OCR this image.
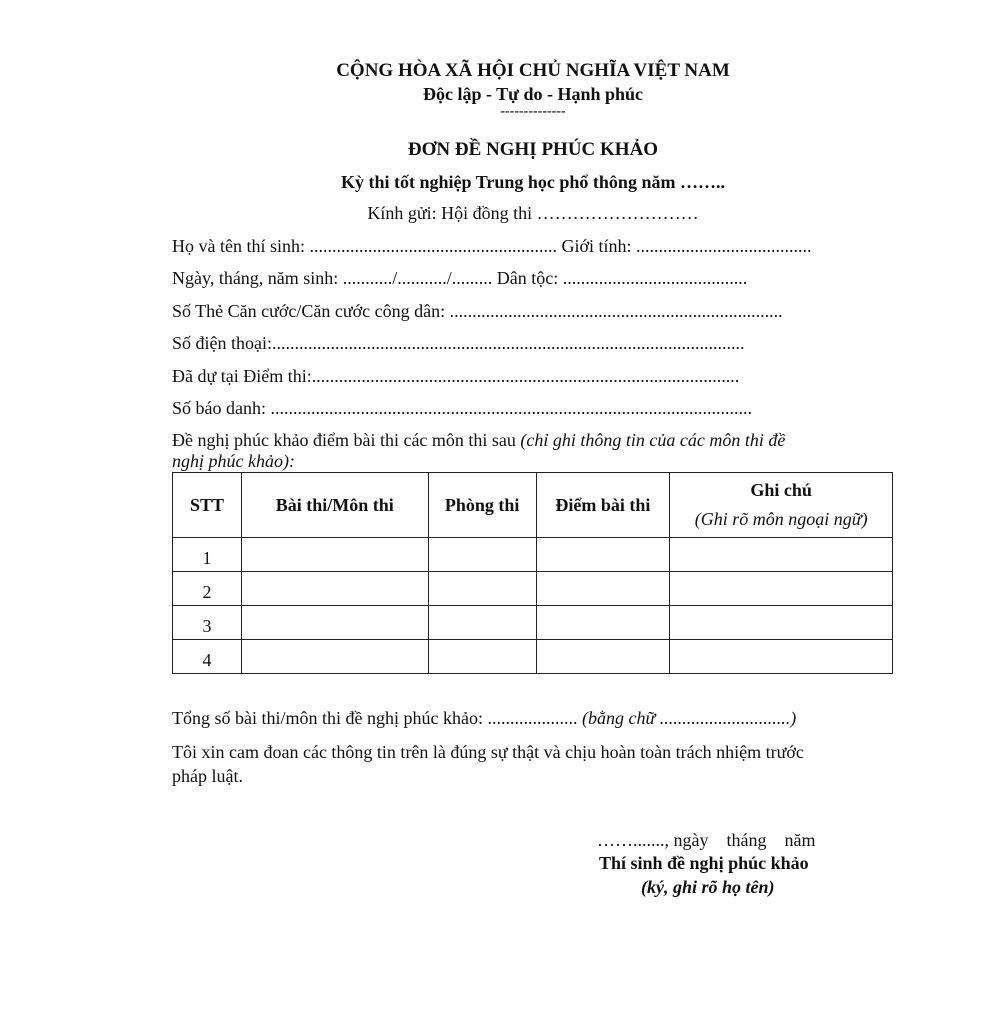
CỘNG HÒA XÃ HỘI CHỦ NGHĨA VIỆT NAM
Độc lập - Tự do - Hạnh phúc
--------------
ĐƠN ĐỀ NGHỊ PHÚC KHẢO
Kỳ thi tốt nghiệp Trung học phổ thông năm ……..
Kính gửi: Hội đồng thi ………………………
Họ và tên thí sinh: ....................................................... Giới tính: .......................................
Ngày, tháng, năm sinh: .........../.........../......... Dân tộc: .........................................
Số Thẻ Căn cước/Căn cước công dân: ..........................................................................
Số điện thoại:.........................................................................................................
Đã dự tại Điểm thi:...............................................................................................
Số báo danh: ...........................................................................................................
Đề nghị phúc khảo điểm bài thi các môn thi sau (chỉ ghi thông tin của các môn thi đề
nghị phúc khảo):
STT	Bài thi/Môn thi	Phòng thi	Điểm bài thi	Ghi chú
(Ghi rõ môn ngoại ngữ)

1				
2				
3				
4				
Tổng số bài thi/môn thi đề nghị phúc khảo: .................... (bằng chữ .............................)
Tôi xin cam đoan các thông tin trên là đúng sự thật và chịu hoàn toàn trách nhiệm trước
pháp luật.
……......., ngày    tháng    năm
Thí sinh đề nghị phúc khảo
(ký, ghi rõ họ tên)
